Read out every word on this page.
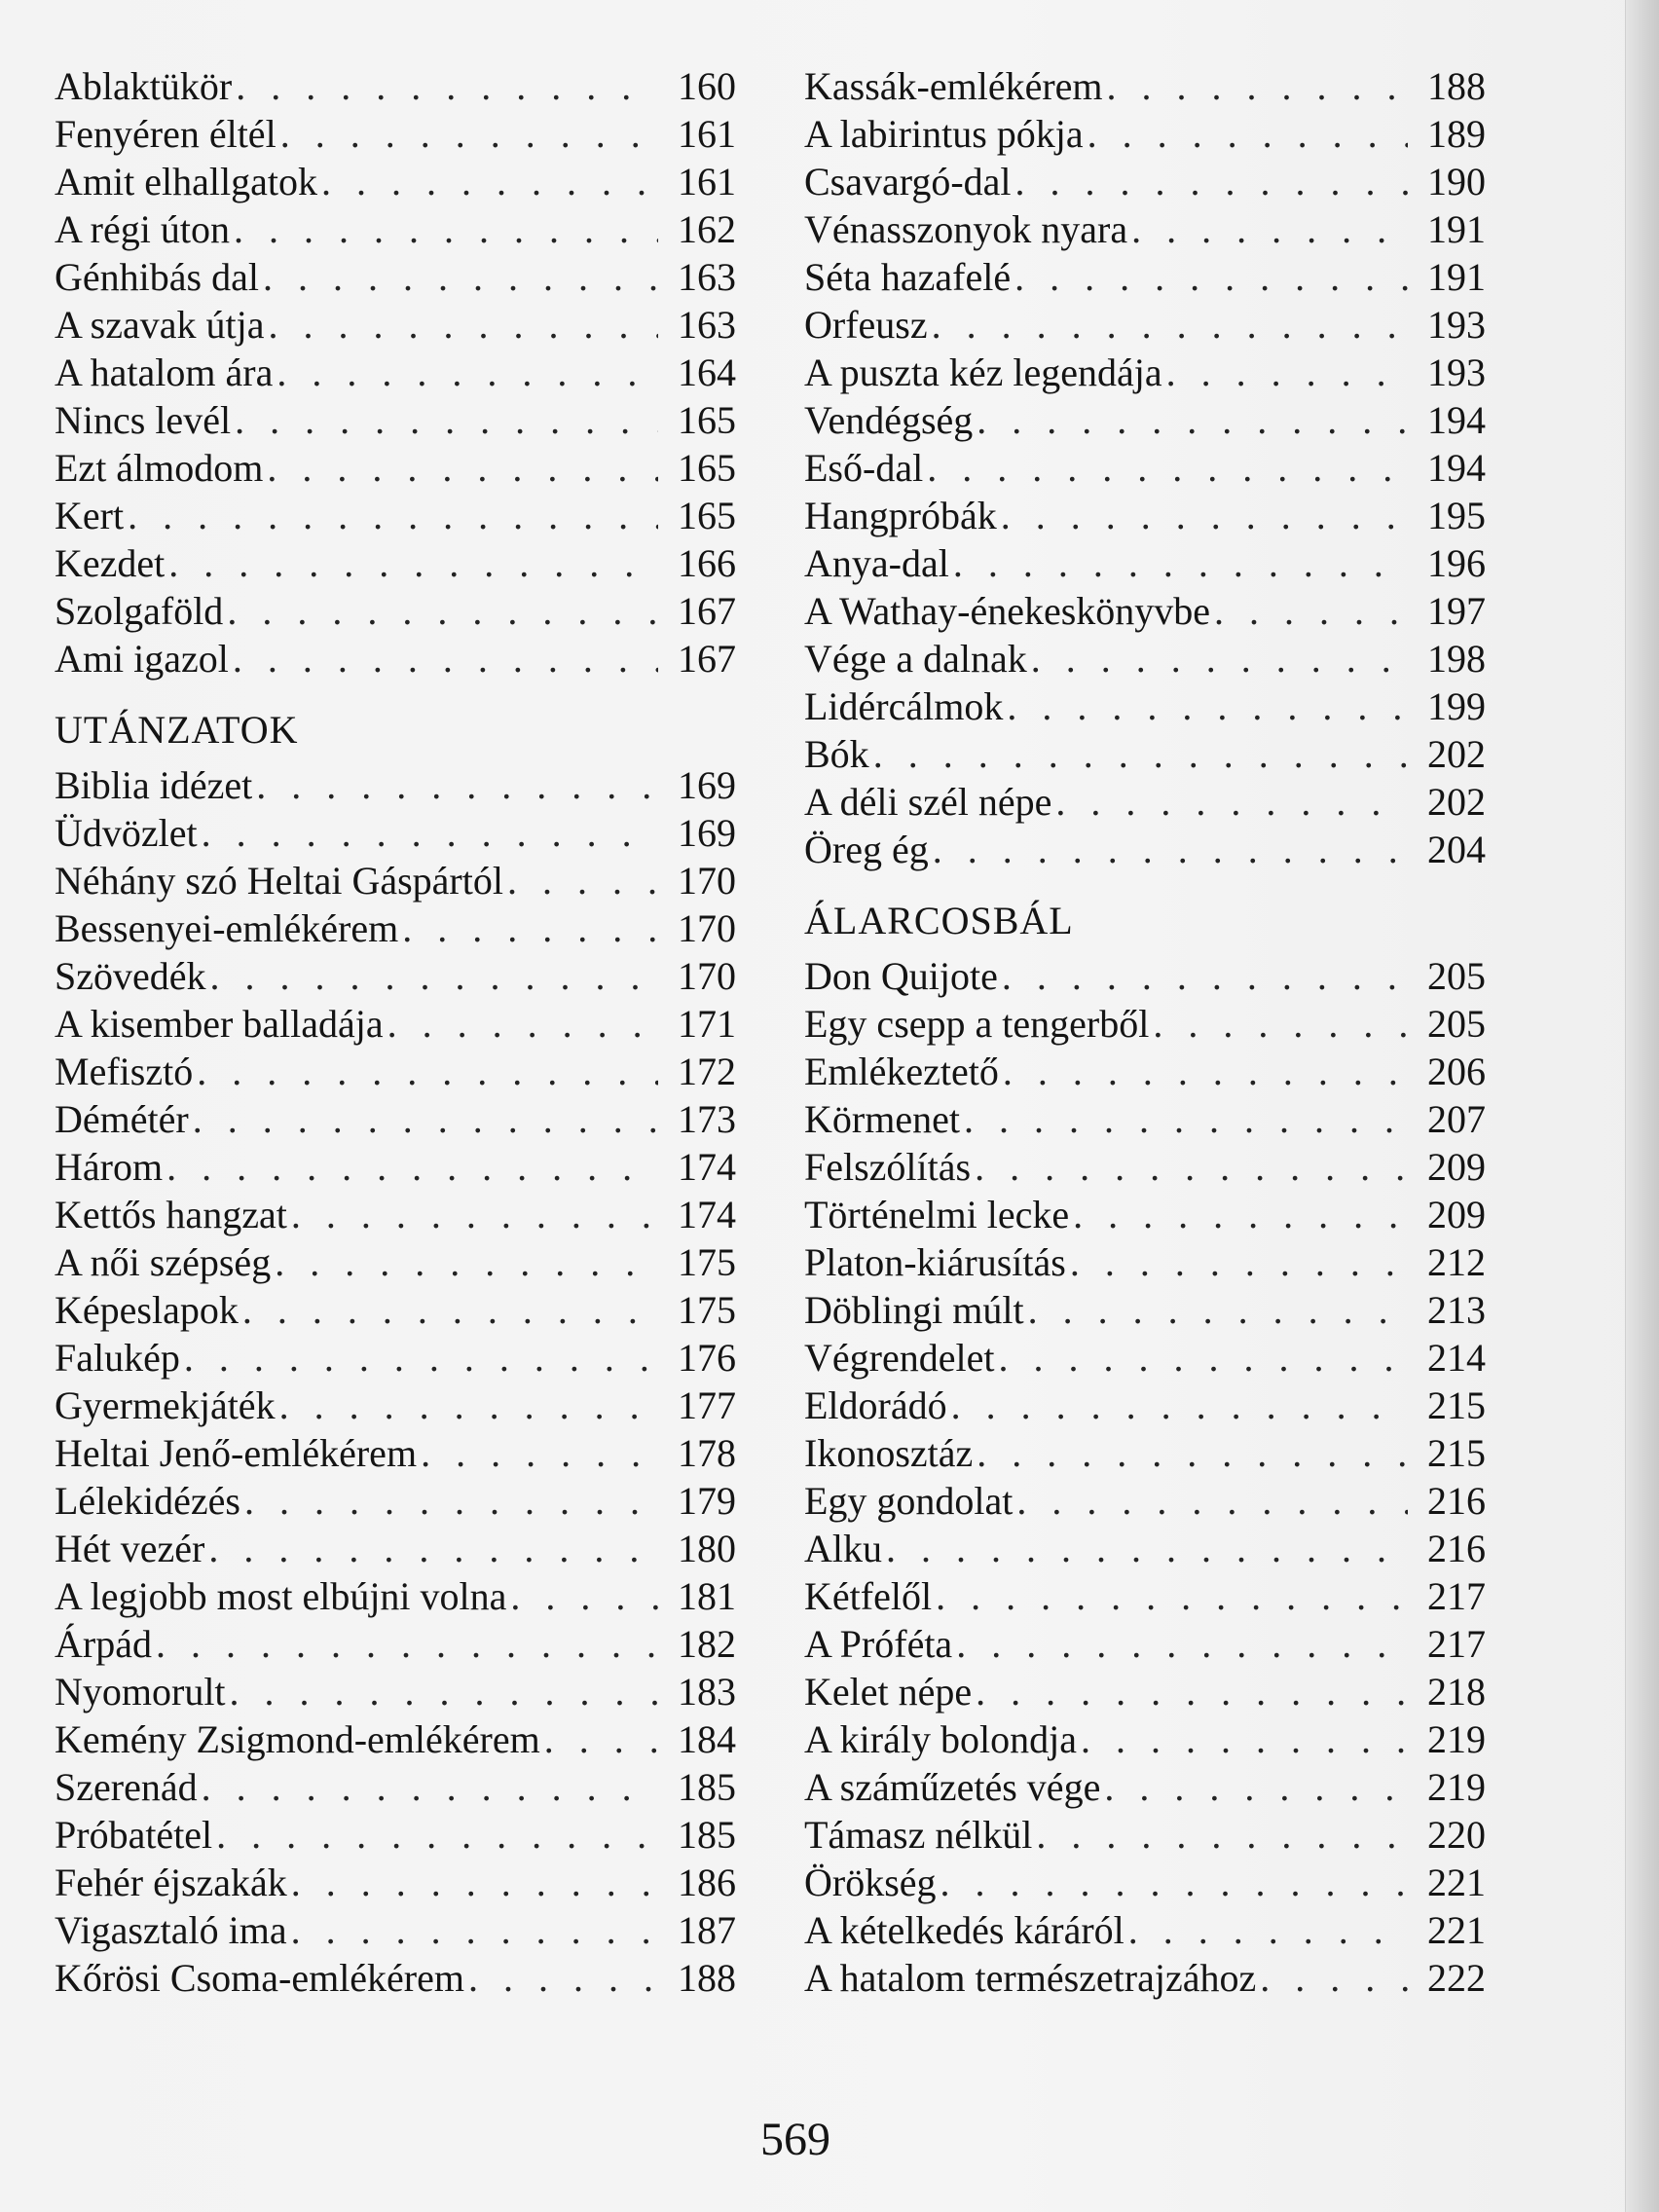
Ablaktükör . . .	160
Fenyéren éltél . . .	161
Amit elhallgatok . . .	161
A régi úton . . .	162
Génhibás dal . . .	163
A szavak útja . . .	163
A hatalom ára . . .	164
Nincs levél . . .	165
Ezt álmodom . . .	165
Kert . . .	165
Kezdet . . .	166
Szolgaföld . . .	167
Ami igazol . . .	167
UTÁNZATOK
Biblia idézet . . .	169
Üdvözlet . . .	169
Néhány szó Heltai Gáspártól . . .	170
Bessenyei-emlékérem . . .	170
Szövedék . . .	170
A kisember balladája . . .	171
Mefisztó . . .	172
Démétér . . .	173
Három . . .	174
Kettős hangzat . . .	174
A női szépség . . .	175
Képeslapok . . .	175
Falukép . . .	176
Gyermekjáték . . .	177
Heltai Jenő-emlékérem . . .	178
Lélekidézés . . .	179
Hét vezér . . .	180
A legjobb most elbújni volna . . .	181
Árpád . . .	182
Nyomorult . . .	183
Kemény Zsigmond-emlékérem . . .	184
Szerenád . . .	185
Próbatétel . . .	185
Fehér éjszakák . . .	186
Vigasztaló ima . . .	187
Kőrösi Csoma-emlékérem . . .	188
Kassák-emlékérem . . .	188
A labirintus pókja . . .	189
Csavargó-dal . . .	190
Vénasszonyok nyara . . .	191
Séta hazafelé . . .	191
Orfeusz . . .	193
A puszta kéz legendája . . .	193
Vendégség . . .	194
Eső-dal . . .	194
Hangpróbák . . .	195
Anya-dal . . .	196
A Wathay-énekeskönyvbe . . .	197
Vége a dalnak . . .	198
Lidércálmok . . .	199
Bók . . .	202
A déli szél népe . . .	202
Öreg ég . . .	204
ÁLARCOSBÁL
Don Quijote . . .	205
Egy csepp a tengerből . . .	205
Emlékeztető . . .	206
Körmenet . . .	207
Felszólítás . . .	209
Történelmi lecke . . .	209
Platon-kiárusítás . . .	212
Döblingi múlt . . .	213
Végrendelet . . .	214
Eldorádó . . .	215
Ikonosztáz . . .	215
Egy gondolat . . .	216
Alku . . .	216
Kétfelől . . .	217
A Próféta . . .	217
Kelet népe . . .	218
A király bolondja . . .	219
A száműzetés vége . . .	219
Támasz nélkül . . .	220
Örökség . . .	221
A kételkedés káráról . . .	221
A hatalom természetrajzához . . .	222
569
